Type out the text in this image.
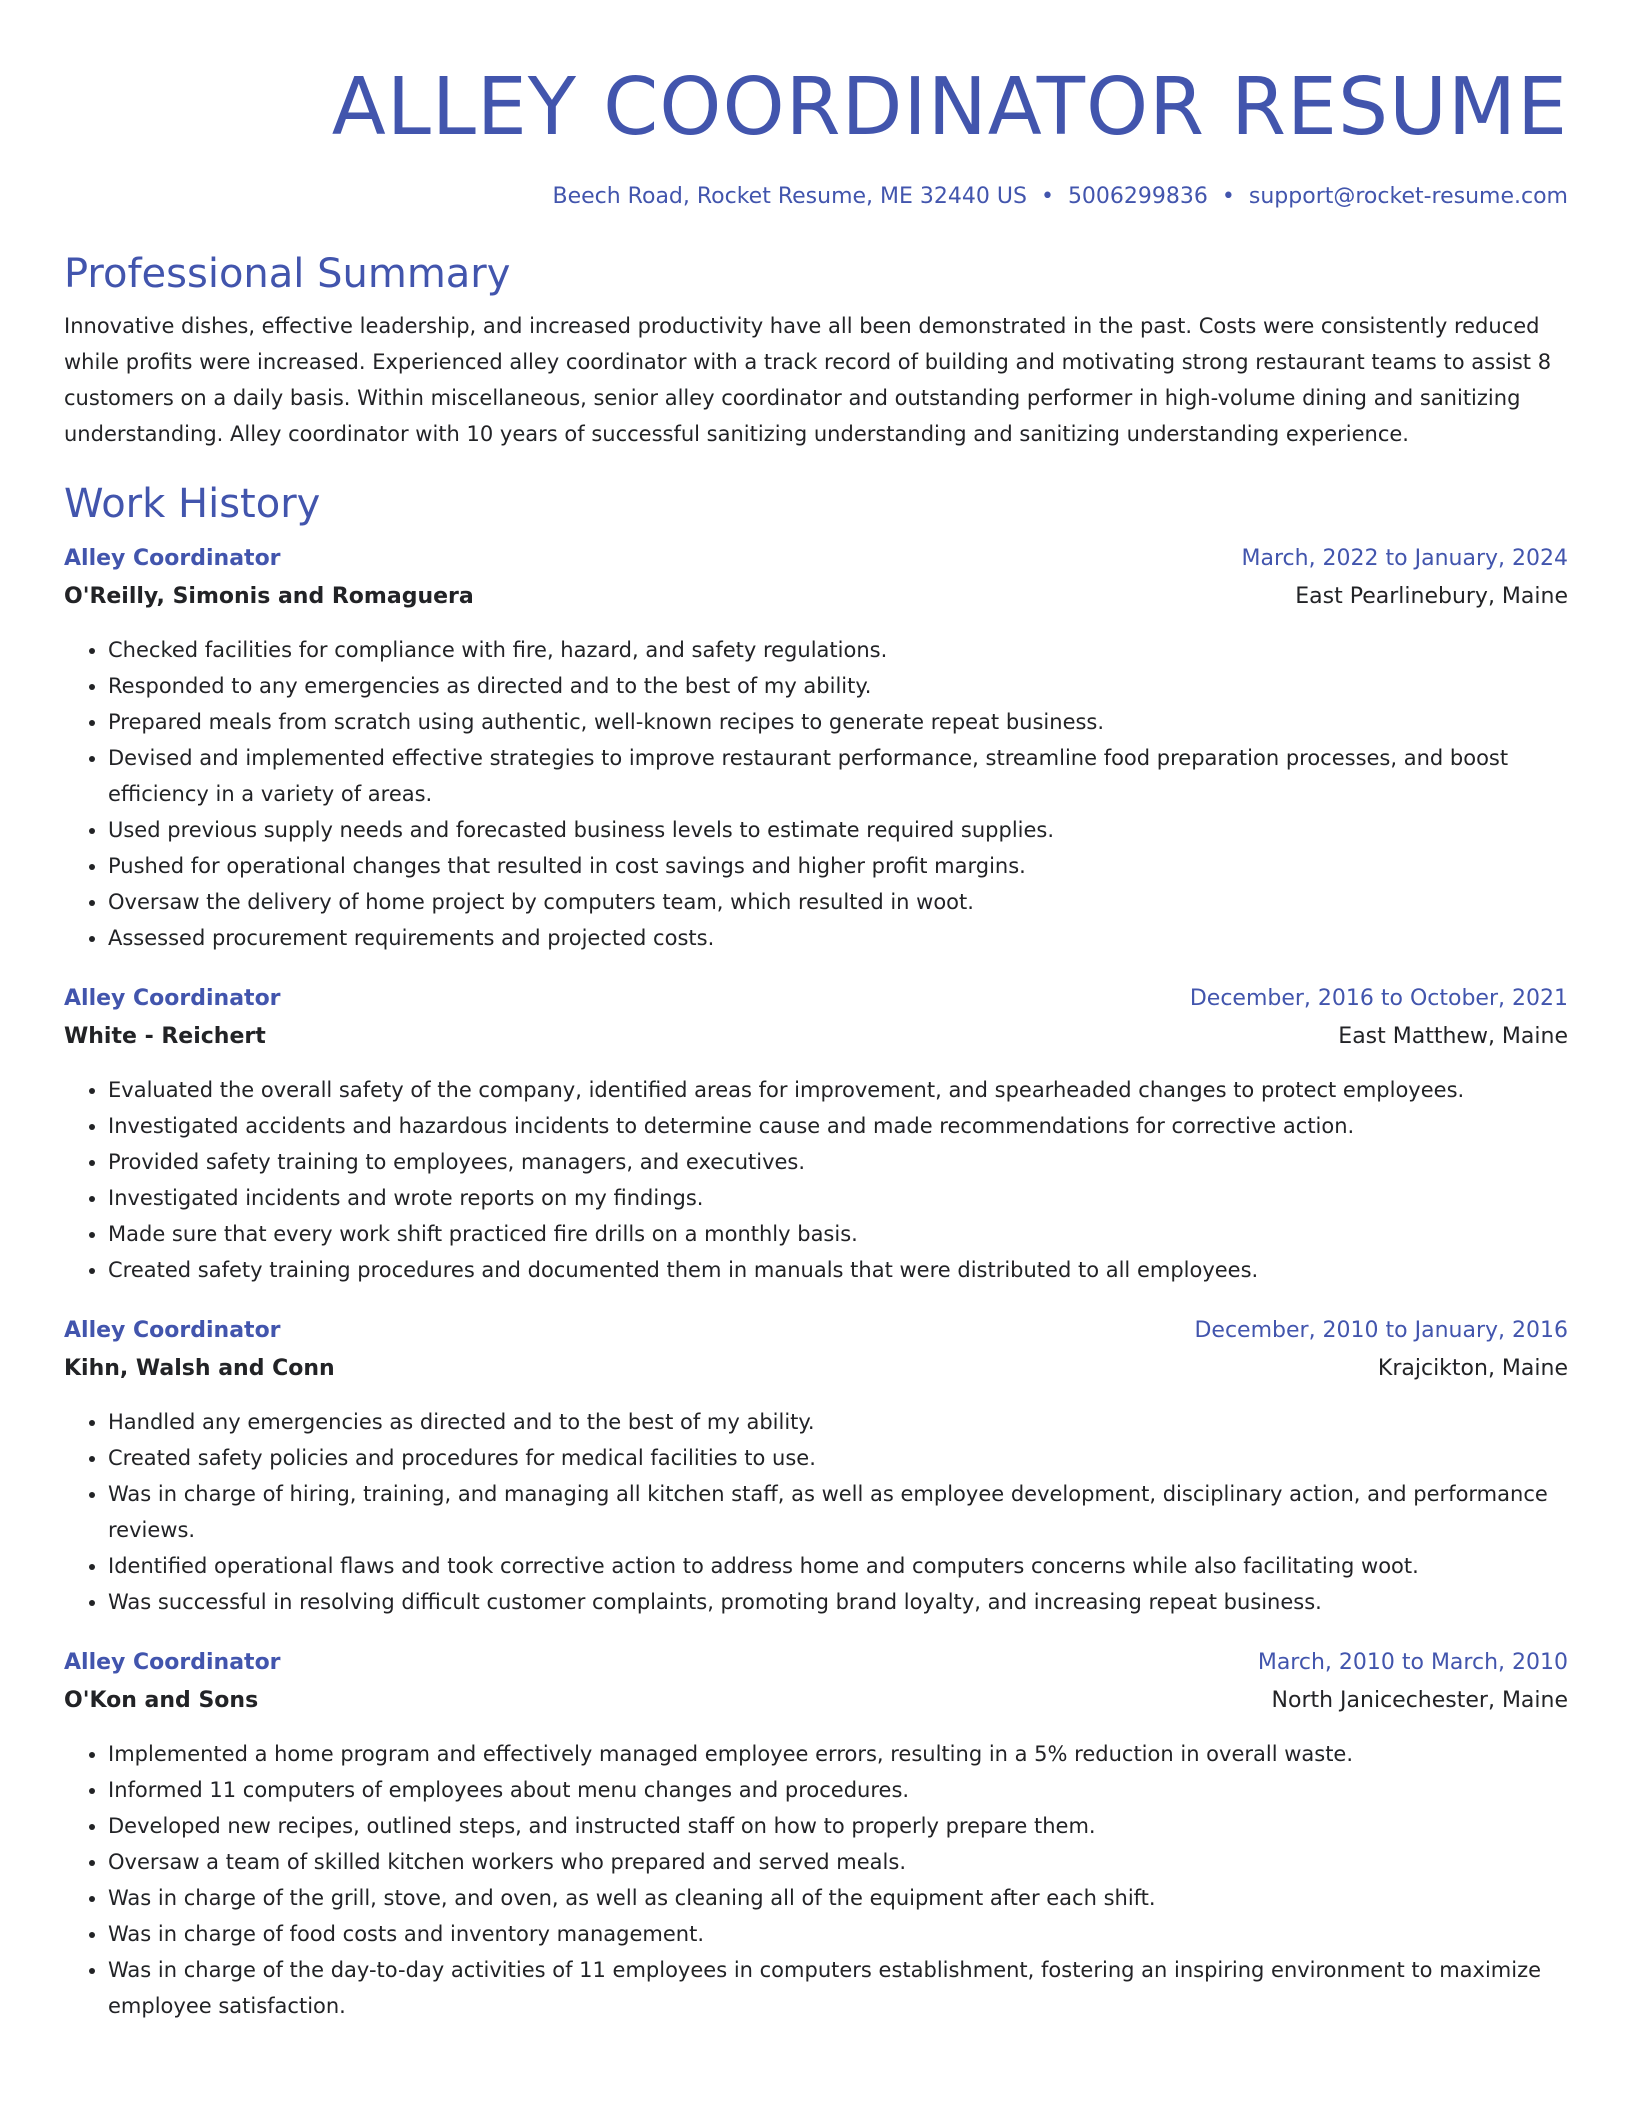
ALLEY COORDINATOR RESUME
Beech Road, Rocket Resume, ME 32440 US • 5006299836 • support@rocket-resume.com
Professional Summary

Innovative dishes, effective leadership, and increased productivity have all been demonstrated in the past. Costs were consistently reduced while profits were increased. Experienced alley coordinator with a track record of building and motivating strong restaurant teams to assist 8 customers on a daily basis. Within miscellaneous, senior alley coordinator and outstanding performer in high-volume dining and sanitizing understanding. Alley coordinator with 10 years of successful sanitizing understanding and sanitizing understanding experience.

Work History
Alley Coordinator	March, 2022 to January, 2024
O'Reilly, Simonis and Romaguera	East Pearlinebury, Maine
• Checked facilities for compliance with fire, hazard, and safety regulations.
• Responded to any emergencies as directed and to the best of my ability.
• Prepared meals from scratch using authentic, well-known recipes to generate repeat business.
• Devised and implemented effective strategies to improve restaurant performance, streamline food preparation processes, and boost efficiency in a variety of areas.
• Used previous supply needs and forecasted business levels to estimate required supplies.
• Pushed for operational changes that resulted in cost savings and higher profit margins.
• Oversaw the delivery of home project by computers team, which resulted in woot.
• Assessed procurement requirements and projected costs.
Alley Coordinator	December, 2016 to October, 2021
White - Reichert	East Matthew, Maine
• Evaluated the overall safety of the company, identified areas for improvement, and spearheaded changes to protect employees.
• Investigated accidents and hazardous incidents to determine cause and made recommendations for corrective action.
• Provided safety training to employees, managers, and executives.
• Investigated incidents and wrote reports on my findings.
• Made sure that every work shift practiced fire drills on a monthly basis.
• Created safety training procedures and documented them in manuals that were distributed to all employees.
Alley Coordinator	December, 2010 to January, 2016
Kihn, Walsh and Conn	Krajcikton, Maine
• Handled any emergencies as directed and to the best of my ability.
• Created safety policies and procedures for medical facilities to use.
• Was in charge of hiring, training, and managing all kitchen staff, as well as employee development, disciplinary action, and performance reviews.
• Identified operational flaws and took corrective action to address home and computers concerns while also facilitating woot.
• Was successful in resolving difficult customer complaints, promoting brand loyalty, and increasing repeat business.
Alley Coordinator	March, 2010 to March, 2010
O'Kon and Sons	North Janicechester, Maine
• Implemented a home program and effectively managed employee errors, resulting in a 5% reduction in overall waste.
• Informed 11 computers of employees about menu changes and procedures.
• Developed new recipes, outlined steps, and instructed staff on how to properly prepare them.
• Oversaw a team of skilled kitchen workers who prepared and served meals.
• Was in charge of the grill, stove, and oven, as well as cleaning all of the equipment after each shift.
• Was in charge of food costs and inventory management.
• Was in charge of the day-to-day activities of 11 employees in computers establishment, fostering an inspiring environment to maximize employee satisfaction.
